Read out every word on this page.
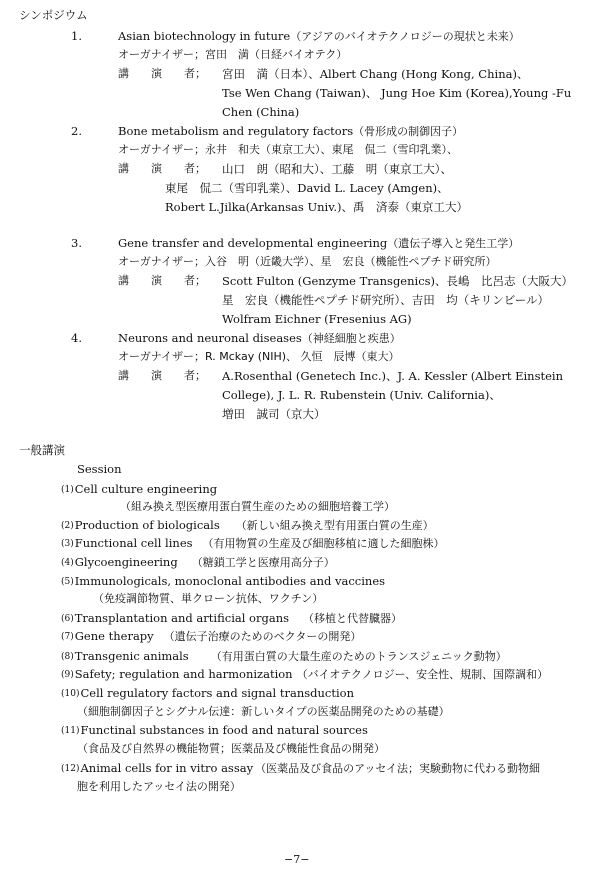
シンポジウム
1.	Asian biotechnology in future（アジアのバイオテクノロジーの現状と未来）
オーガナイザー；宮田　満（日経バイオテク）
講　　演　　者； 宮田　満（日本）、Albert Chang (Hong Kong, China)、
Tse Wen Chang (Taiwan)、 Jung Hoe Kim (Korea),Young -Fu
Chen (China)
2.	Bone metabolism and regulatory factors（骨形成の制御因子）
オーガナイザー；永井　和夫（東京工大）、東尾　侃二（雪印乳業）、
講　　演　　者； 山口　朗（昭和大）、工藤　明（東京工大）、
東尾　侃二（雪印乳業）、David L. Lacey (Amgen)、
Robert L.Jilka(Arkansas Univ.)、禹　済泰（東京工大）
3.	Gene transfer and developmental engineering（遺伝子導入と発生工学）
オーガナイザー；入谷　明（近畿大学）、星　宏良（機能性ペプチド研究所）
講　　演　　者； Scott Fulton (Genzyme Transgenics)、長嶋　比呂志（大阪大）
星　宏良（機能性ペプチド研究所）、吉田　均（キリンビール）
Wolfram Eichner (Fresenius AG)
4.	Neurons and neuronal diseases（神経細胞と疾患）
オーガナイザー；R. Mckay (NIH)、 久恒　辰博（東大）
講　　演　　者； A.Rosenthal (Genetech Inc.)、J. A. Kessler (Albert Einstein
College), J. L. R. Rubenstein (Univ. California)、
増田　誠司（京大）
一般講演
Session
(1)Cell culture engineering
（組み換え型医療用蛋白質生産のための細胞培養工学）
(2)Production of biologicals （新しい組み換え型有用蛋白質の生産）
(3)Functional cell lines （有用物質の生産及び細胞移植に適した細胞株）
(4)Glycoengineering （糖鎖工学と医療用高分子）
(5)Immunologicals, monoclonal antibodies and vaccines
（免疫調節物質、単クローン抗体、ワクチン）
(6)Transplantation and artificial organs （移植と代替臓器）
(7)Gene therapy （遺伝子治療のためのベクターの開発）
(8)Transgenic animals （有用蛋白質の大量生産のためのトランスジェニック動物）
(9)Safety; regulation and harmonization （バイオテクノロジー、安全性、規制、国際調和）
(10)Cell regulatory factors and signal transduction
（細胞制御因子とシグナル伝達：新しいタイプの医薬品開発のための基礎）
(11)Functinal substances in food and natural sources
（食品及び自然界の機能物質；医薬品及び機能性食品の開発）
(12)Animal cells for in vitro assay （医薬品及び食品のアッセイ法；実験動物に代わる動物細
胞を利用したアッセイ法の開発）
−7−
